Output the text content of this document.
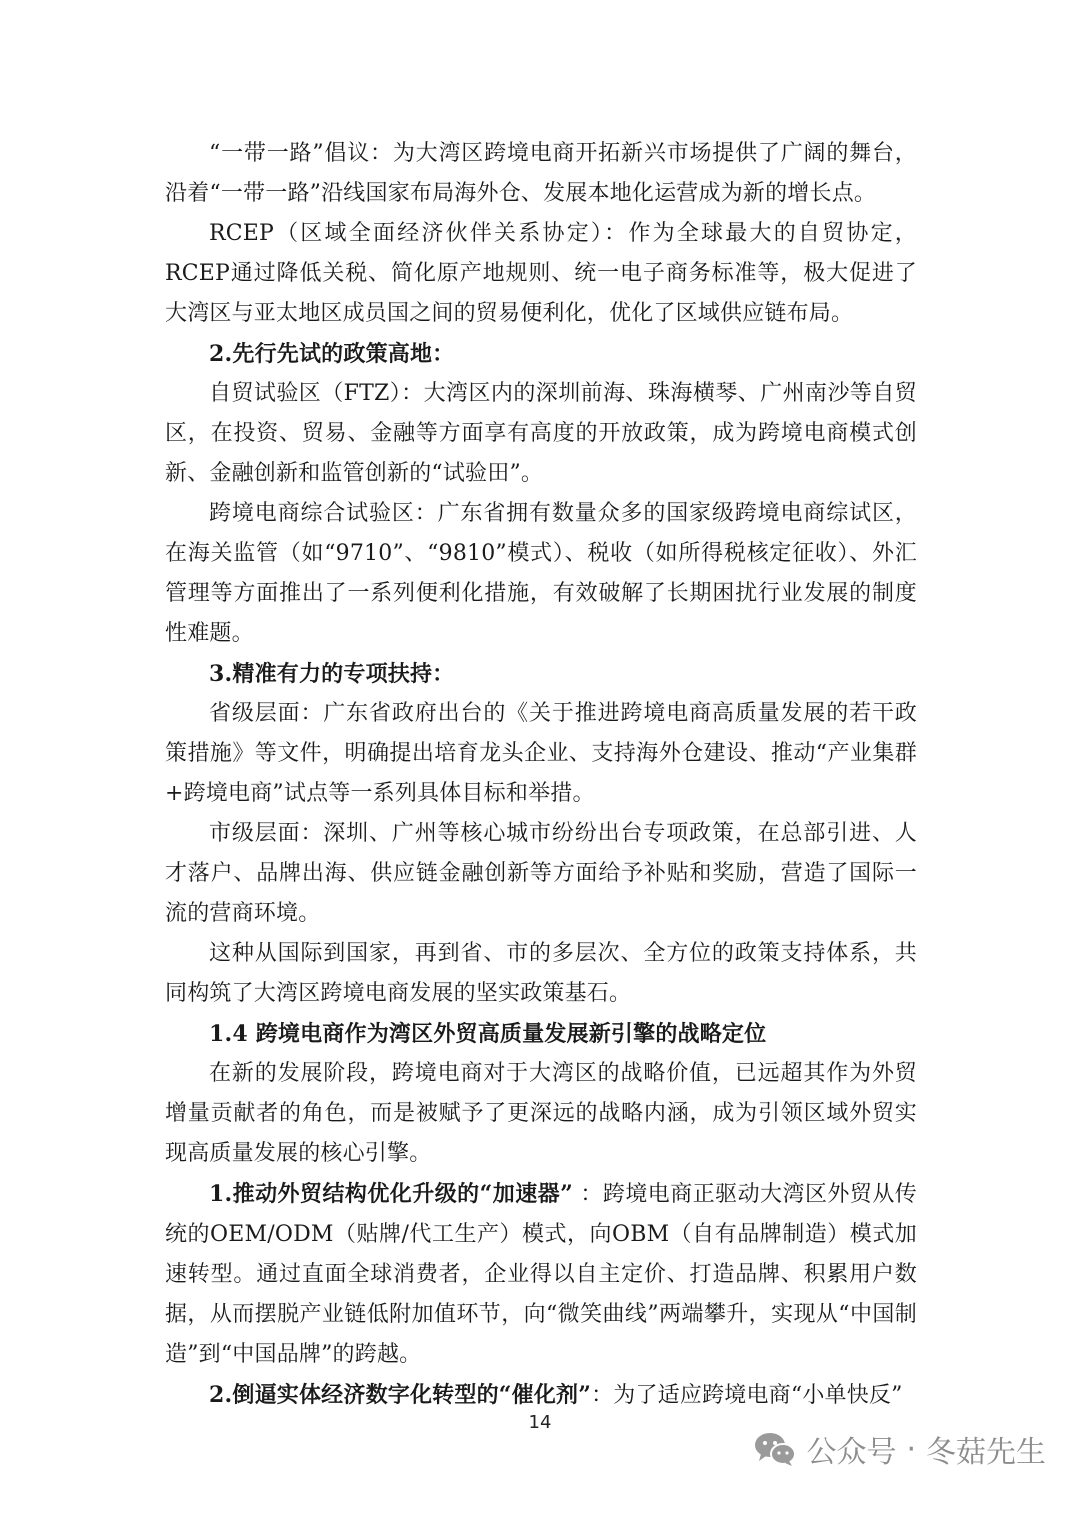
“一带一路”倡议：为大湾区跨境电商开拓新兴市场提供了广阔的舞台，沿着“一带一路”沿线国家布局海外仓、发展本地化运营成为新的增长点。

RCEP（区域全面经济伙伴关系协定）：作为全球最大的自贸协定，RCEP通过降低关税、简化原产地规则、统一电子商务标准等，极大促进了大湾区与亚太地区成员国之间的贸易便利化，优化了区域供应链布局。

2.先行先试的政策高地：

自贸试验区（FTZ）：大湾区内的深圳前海、珠海横琴、广州南沙等自贸区，在投资、贸易、金融等方面享有高度的开放政策，成为跨境电商模式创新、金融创新和监管创新的“试验田”。

跨境电商综合试验区：广东省拥有数量众多的国家级跨境电商综试区，在海关监管（如“9710”、“9810”模式）、税收（如所得税核定征收）、外汇管理等方面推出了一系列便利化措施，有效破解了长期困扰行业发展的制度性难题。

3.精准有力的专项扶持：

省级层面：广东省政府出台的《关于推进跨境电商高质量发展的若干政策措施》等文件，明确提出培育龙头企业、支持海外仓建设、推动“产业集群+跨境电商”试点等一系列具体目标和举措。

市级层面：深圳、广州等核心城市纷纷出台专项政策，在总部引进、人才落户、品牌出海、供应链金融创新等方面给予补贴和奖励，营造了国际一流的营商环境。

这种从国际到国家，再到省、市的多层次、全方位的政策支持体系，共同构筑了大湾区跨境电商发展的坚实政策基石。

1.4 跨境电商作为湾区外贸高质量发展新引擎的战略定位

在新的发展阶段，跨境电商对于大湾区的战略价值，已远超其作为外贸增量贡献者的角色，而是被赋予了更深远的战略内涵，成为引领区域外贸实现高质量发展的核心引擎。

1.推动外贸结构优化升级的“加速器” ：跨境电商正驱动大湾区外贸从传统的OEM/ODM（贴牌/代工生产）模式，向OBM（自有品牌制造）模式加速转型。通过直面全球消费者，企业得以自主定价、打造品牌、积累用户数据，从而摆脱产业链低附加值环节，向“微笑曲线”两端攀升，实现从“中国制造”到“中国品牌”的跨越。

2.倒逼实体经济数字化转型的“催化剂”：为了适应跨境电商“小单快反”

14
公众号 · 冬菇先生
